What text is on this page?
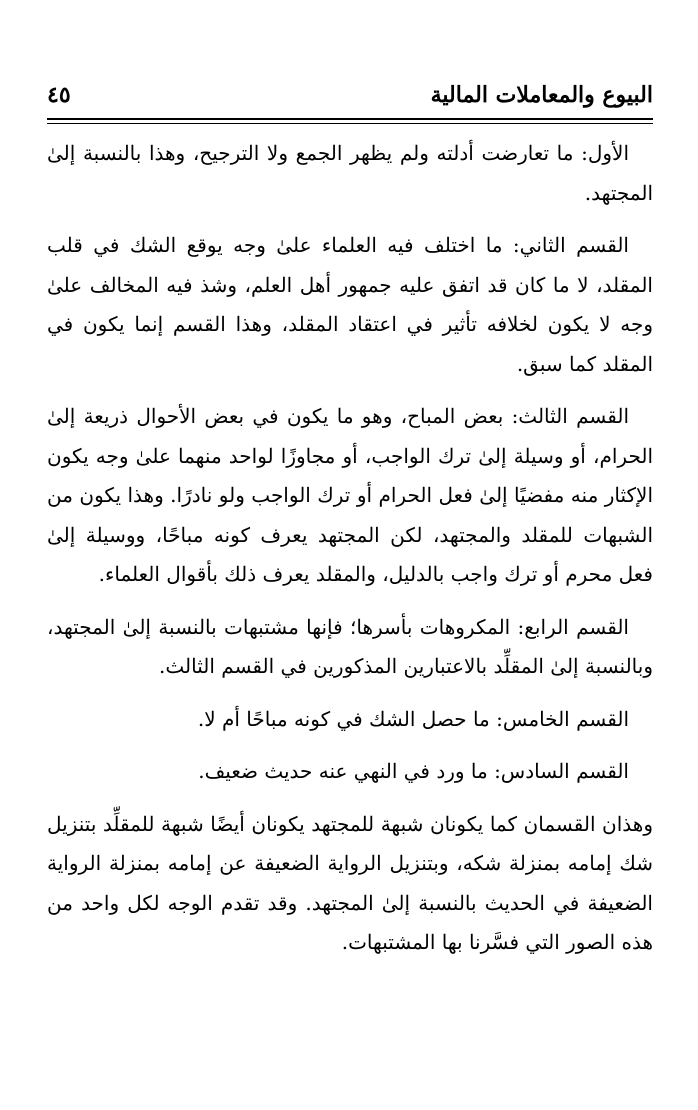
البيوع والمعاملات المالية
٤٥

الأول: ما تعارضت أدلته ولم يظهر الجمع ولا الترجيح، وهذا بالنسبة إلىٰ المجتهد.

القسم الثاني: ما اختلف فيه العلماء علىٰ وجه يوقع الشك في قلب المقلد، لا ما كان قد اتفق عليه جمهور أهل العلم، وشذ فيه المخالف علىٰ وجه لا يكون لخلافه تأثير في اعتقاد المقلد، وهذا القسم إنما يكون في المقلد كما سبق.

القسم الثالث: بعض المباح، وهو ما يكون في بعض الأحوال ذريعة إلىٰ الحرام، أو وسيلة إلىٰ ترك الواجب، أو مجاوزًا لواحد منهما علىٰ وجه يكون الإكثار منه مفضيًا إلىٰ فعل الحرام أو ترك الواجب ولو نادرًا. وهذا يكون من الشبهات للمقلد والمجتهد، لكن المجتهد يعرف كونه مباحًا، ووسيلة إلىٰ فعل محرم أو ترك واجب بالدليل، والمقلد يعرف ذلك بأقوال العلماء.

القسم الرابع: المكروهات بأسرها؛ فإنها مشتبهات بالنسبة إلىٰ المجتهد، وبالنسبة إلىٰ المقلِّد بالاعتبارين المذكورين في القسم الثالث.

القسم الخامس: ما حصل الشك في كونه مباحًا أم لا.

القسم السادس: ما ورد في النهي عنه حديث ضعيف.

وهذان القسمان كما يكونان شبهة للمجتهد يكونان أيضًا شبهة للمقلِّد بتنزيل شك إمامه بمنزلة شكه، وبتنزيل الرواية الضعيفة عن إمامه بمنزلة الرواية الضعيفة في الحديث بالنسبة إلىٰ المجتهد. وقد تقدم الوجه لكل واحد من هذه الصور التي فسَّرنا بها المشتبهات.
